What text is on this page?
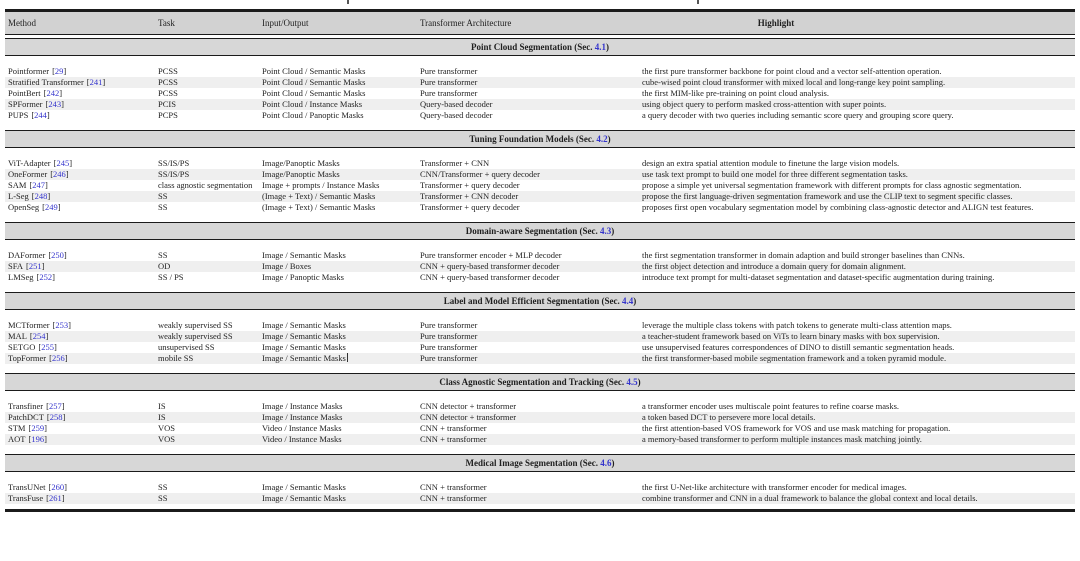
Method	Task	Input/Output	Transformer Architecture	Highlight
Point Cloud Segmentation (Sec. 4.1)
Pointformer [29]	PCSS	Point Cloud / Semantic Masks	Pure transformer	the first pure transformer backbone for point cloud and a vector self-attention operation.
Stratified Transformer [241]	PCSS	Point Cloud / Semantic Masks	Pure transformer	cube-wised point cloud transformer with mixed local and long-range key point sampling.
PointBert [242]	PCSS	Point Cloud / Semantic Masks	Pure transformer	the first MIM-like pre-training on point cloud analysis.
SPFormer [243]	PCIS	Point Cloud / Instance Masks	Query-based decoder	using object query to perform masked cross-attention with super points.
PUPS [244]	PCPS	Point Cloud / Panoptic Masks	Query-based decoder	a query decoder with two queries including semantic score query and grouping score query.
Tuning Foundation Models (Sec. 4.2)
ViT-Adapter [245]	SS/IS/PS	Image/Panoptic Masks	Transformer + CNN	design an extra spatial attention module to finetune the large vision models.
OneFormer [246]	SS/IS/PS	Image/Panoptic Masks	CNN/Transformer + query decoder	use task text prompt to build one model for three different segmentation tasks.
SAM [247]	class agnostic segmentation	Image + prompts / Instance Masks	Transformer + query decoder	propose a simple yet universal segmentation framework with different prompts for class agnostic segmentation.
L-Seg [248]	SS	(Image + Text) / Semantic Masks	Transformer + CNN decoder	propose the first language-driven segmentation framework and use the CLIP text to segment specific classes.
OpenSeg [249]	SS	(Image + Text) / Semantic Masks	Transformer + query decoder	proposes first open vocabulary segmentation model by combining class-agnostic detector and ALIGN test features.
Domain-aware Segmentation (Sec. 4.3)
DAFormer [250]	SS	Image / Semantic Masks	Pure transformer encoder + MLP decoder	the first segmentation transformer in domain adaption and build stronger baselines than CNNs.
SFA [251]	OD	Image / Boxes	CNN + query-based transformer decoder	the first object detection and introduce a domain query for domain alignment.
LMSeg [252]	SS / PS	Image / Panoptic Masks	CNN + query-based transformer decoder	introduce text prompt for multi-dataset segmentation and dataset-specific augmentation during training.
Label and Model Efficient Segmentation (Sec. 4.4)
MCTformer [253]	weakly supervised SS	Image / Semantic Masks	Pure transformer	leverage the multiple class tokens with patch tokens to generate multi-class attention maps.
MAL [254]	weakly supervised SS	Image / Semantic Masks	Pure transformer	a teacher-student framework based on ViTs to learn binary masks with box supervision.
SETGO [255]	unsupervised SS	Image / Semantic Masks	Pure transformer	use unsupervised features correspondences of DINO to distill semantic segmentation heads.
TopFormer [256]	mobile SS	Image / Semantic Masks	Pure transformer	the first transformer-based mobile segmentation framework and a token pyramid module.
Class Agnostic Segmentation and Tracking (Sec. 4.5)
Transfiner [257]	IS	Image / Instance Masks	CNN detector + transformer	a transformer encoder uses multiscale point features to refine coarse masks.
PatchDCT [258]	IS	Image / Instance Masks	CNN detector + transformer	a token based DCT to persevere more local details.
STM [259]	VOS	Video / Instance Masks	CNN + transformer	the first attention-based VOS framework for VOS and use mask matching for propagation.
AOT [196]	VOS	Video / Instance Masks	CNN + transformer	a memory-based transformer to perform multiple instances mask matching jointly.
Medical Image Segmentation (Sec. 4.6)
TransUNet [260]	SS	Image / Semantic Masks	CNN + transformer	the first U-Net-like architecture with transformer encoder for medical images.
TransFuse [261]	SS	Image / Semantic Masks	CNN + transformer	combine transformer and CNN in a dual framework to balance the global context and local details.
